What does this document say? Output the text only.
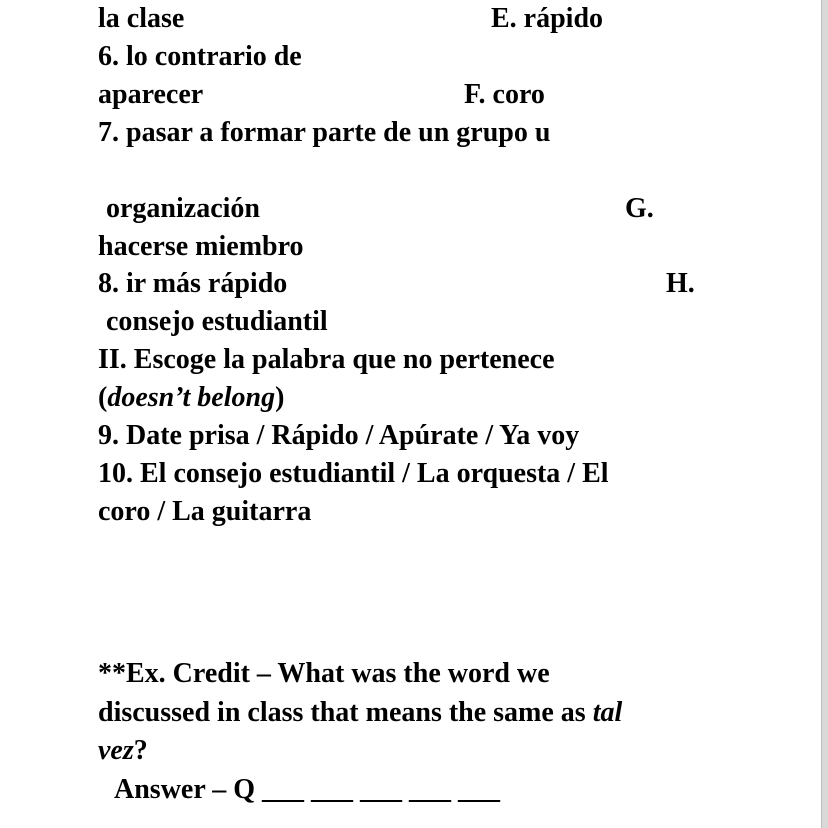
la clase	E. rápido
6. lo contrario de
aparecer	F. coro
7. pasar a formar parte de un grupo u
organización	G.
hacerse miembro
8. ir más rápido	H.
consejo estudiantil
II. Escoge la palabra que no pertenece
(doesn’t belong)
9. Date prisa / Rápido / Apúrate / Ya voy
10. El consejo estudiantil / La orquesta / El
coro / La guitarra
**Ex. Credit – What was the word we
discussed in class that means the same as tal
vez?
Answer – Q ___ ___ ___ ___ ___
